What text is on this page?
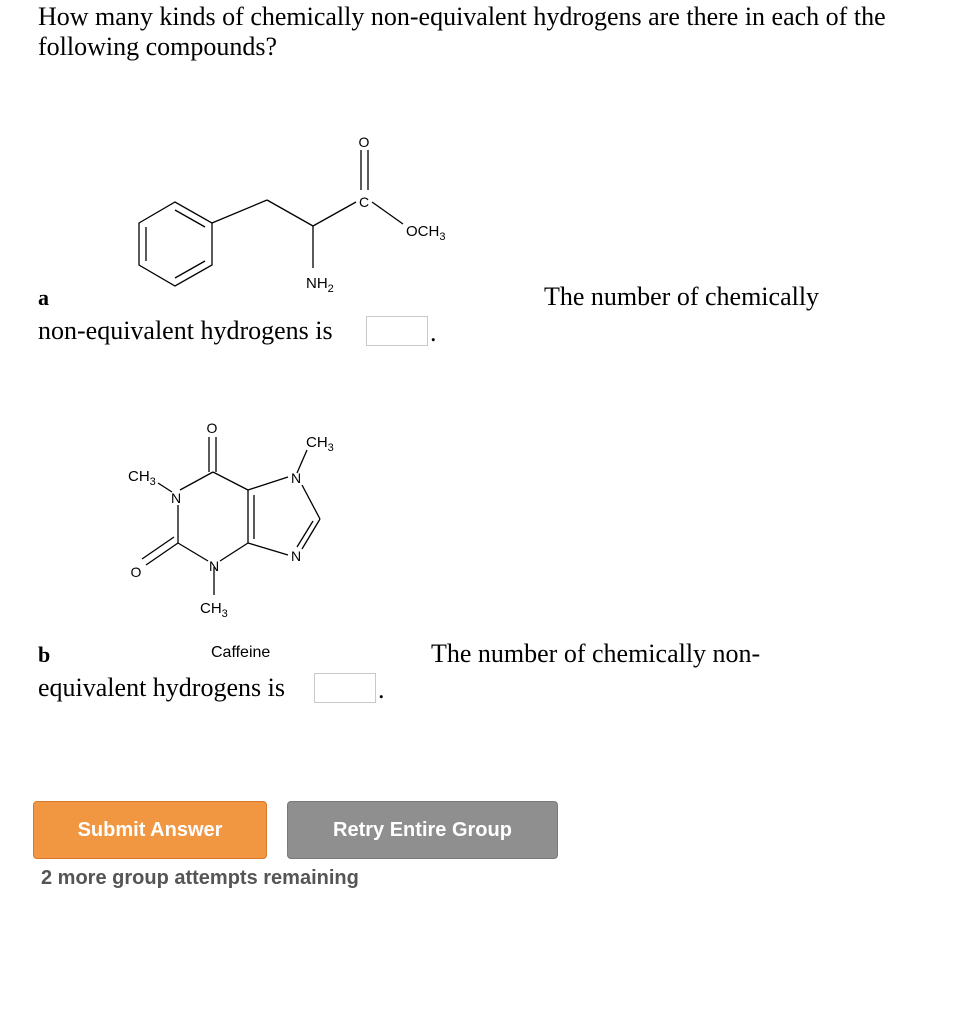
How many kinds of chemically non-equivalent hydrogens are there in each of the following compounds?
O
C
$OCH_3$
$NH_2$
a	The number of chemically
non-equivalent hydrogens is	.
O
O
N
N
N
N
$CH_3$
$CH_3$
$CH_3$
Caffeine
b	The number of chemically non-
equivalent hydrogens is	.
Submit Answer	Retry Entire Group
2 more group attempts remaining
